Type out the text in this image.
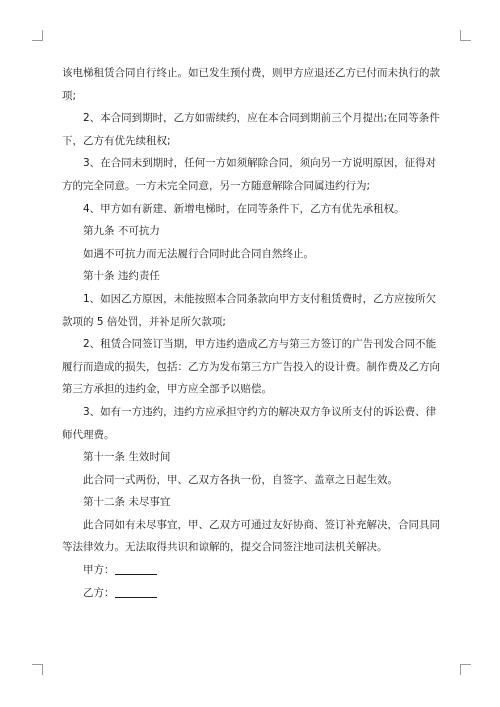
该电梯租赁合同自行终止。如已发生预付费，则甲方应退还乙方已付而未执行的款项;

2、本合同到期时，乙方如需续约，应在本合同到期前三个月提出;在同等条件下，乙方有优先续租权;

3、在合同未到期时，任何一方如须解除合同，须向另一方说明原因，征得对方的完全同意。一方未完全同意，另一方随意解除合同属违约行为;

4、甲方如有新建、新增电梯时，在同等条件下，乙方有优先承租权。

第九条 不可抗力

如遇不可抗力而无法履行合同时此合同自然终止。

第十条 违约责任

1、如因乙方原因，未能按照本合同条款向甲方支付租赁费时，乙方应按所欠款项的 5 倍处罚，并补足所欠款项;

2、租赁合同签订当期，甲方违约造成乙方与第三方签订的广告刊发合同不能履行而造成的损失，包括：乙方为发布第三方广告投入的设计费。制作费及乙方向第三方承担的违约金，甲方应全部予以赔偿。

3、如有一方违约，违约方应承担守约方的解决双方争议所支付的诉讼费、律师代理费。

第十一条 生效时间

此合同一式两份，甲、乙双方各执一份，自签字、盖章之日起生效。

第十二条 未尽事宜

此合同如有未尽事宜，甲、乙双方可通过友好协商、签订补充解决，合同具同等法律效力。无法取得共识和谅解的，提交合同签注地司法机关解决。

甲方：

乙方：
